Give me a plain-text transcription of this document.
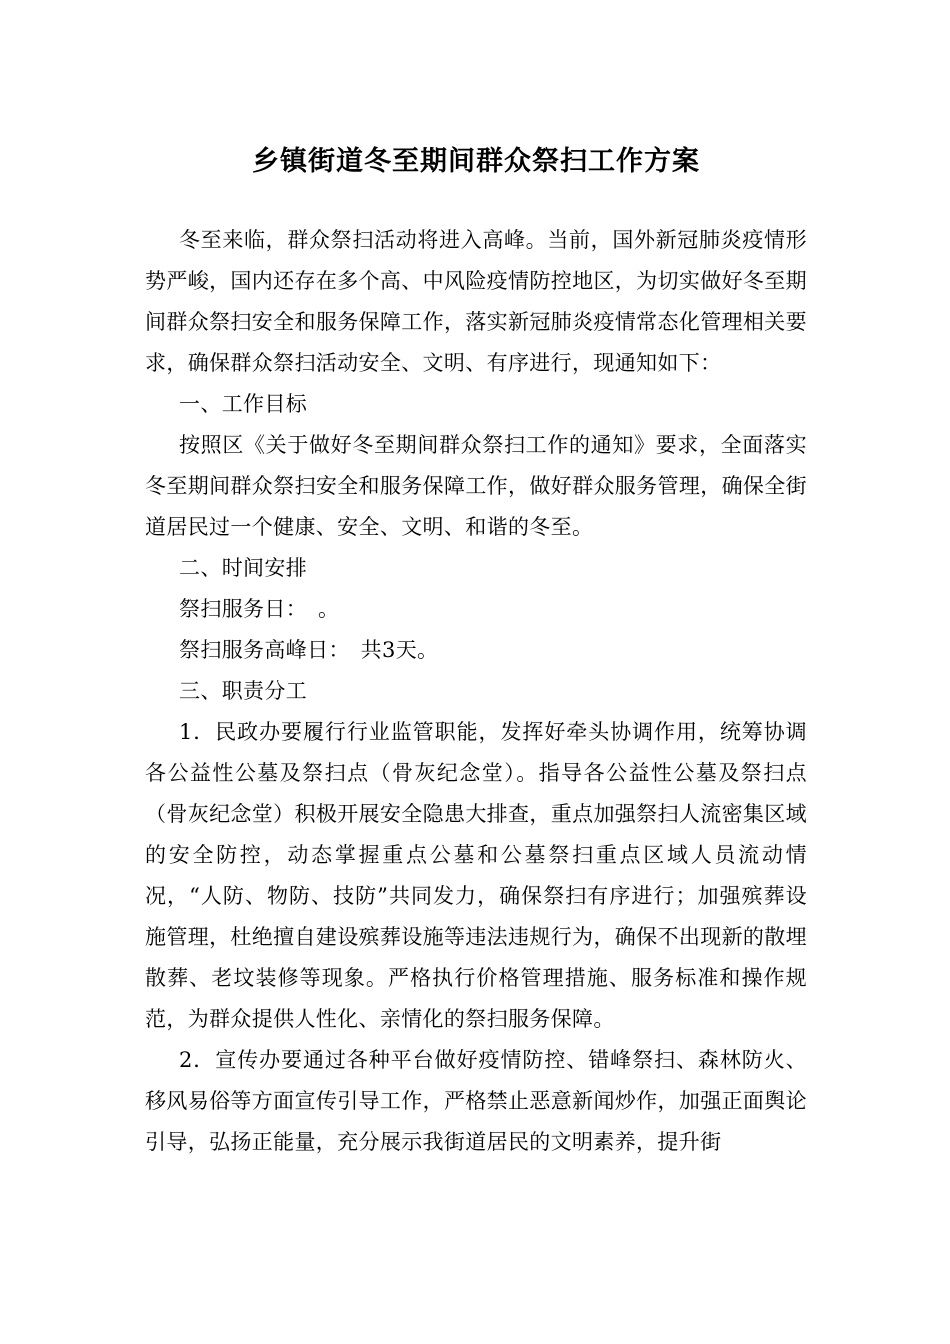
乡镇街道冬至期间群众祭扫工作方案

冬至来临，群众祭扫活动将进入高峰。当前，国外新冠肺炎疫情形势严峻，国内还存在多个高、中风险疫情防控地区，为切实做好冬至期间群众祭扫安全和服务保障工作，落实新冠肺炎疫情常态化管理相关要求，确保群众祭扫活动安全、文明、有序进行，现通知如下：

一、工作目标

按照区《关于做好冬至期间群众祭扫工作的通知》要求，全面落实冬至期间群众祭扫安全和服务保障工作，做好群众服务管理，确保全街道居民过一个健康、安全、文明、和谐的冬至。

二、时间安排

祭扫服务日：　。

祭扫服务高峰日：　共3天。

三、职责分工

1．民政办要履行行业监管职能，发挥好牵头协调作用，统筹协调各公益性公墓及祭扫点（骨灰纪念堂）。指导各公益性公墓及祭扫点（骨灰纪念堂）积极开展安全隐患大排查，重点加强祭扫人流密集区域的安全防控，动态掌握重点公墓和公墓祭扫重点区域人员流动情况，“人防、物防、技防”共同发力，确保祭扫有序进行；加强殡葬设施管理，杜绝擅自建设殡葬设施等违法违规行为，确保不出现新的散埋散葬、老坟装修等现象。严格执行价格管理措施、服务标准和操作规范，为群众提供人性化、亲情化的祭扫服务保障。

2．宣传办要通过各种平台做好疫情防控、错峰祭扫、森林防火、移风易俗等方面宣传引导工作，严格禁止恶意新闻炒作，加强正面舆论引导，弘扬正能量，充分展示我街道居民的文明素养，提升街
